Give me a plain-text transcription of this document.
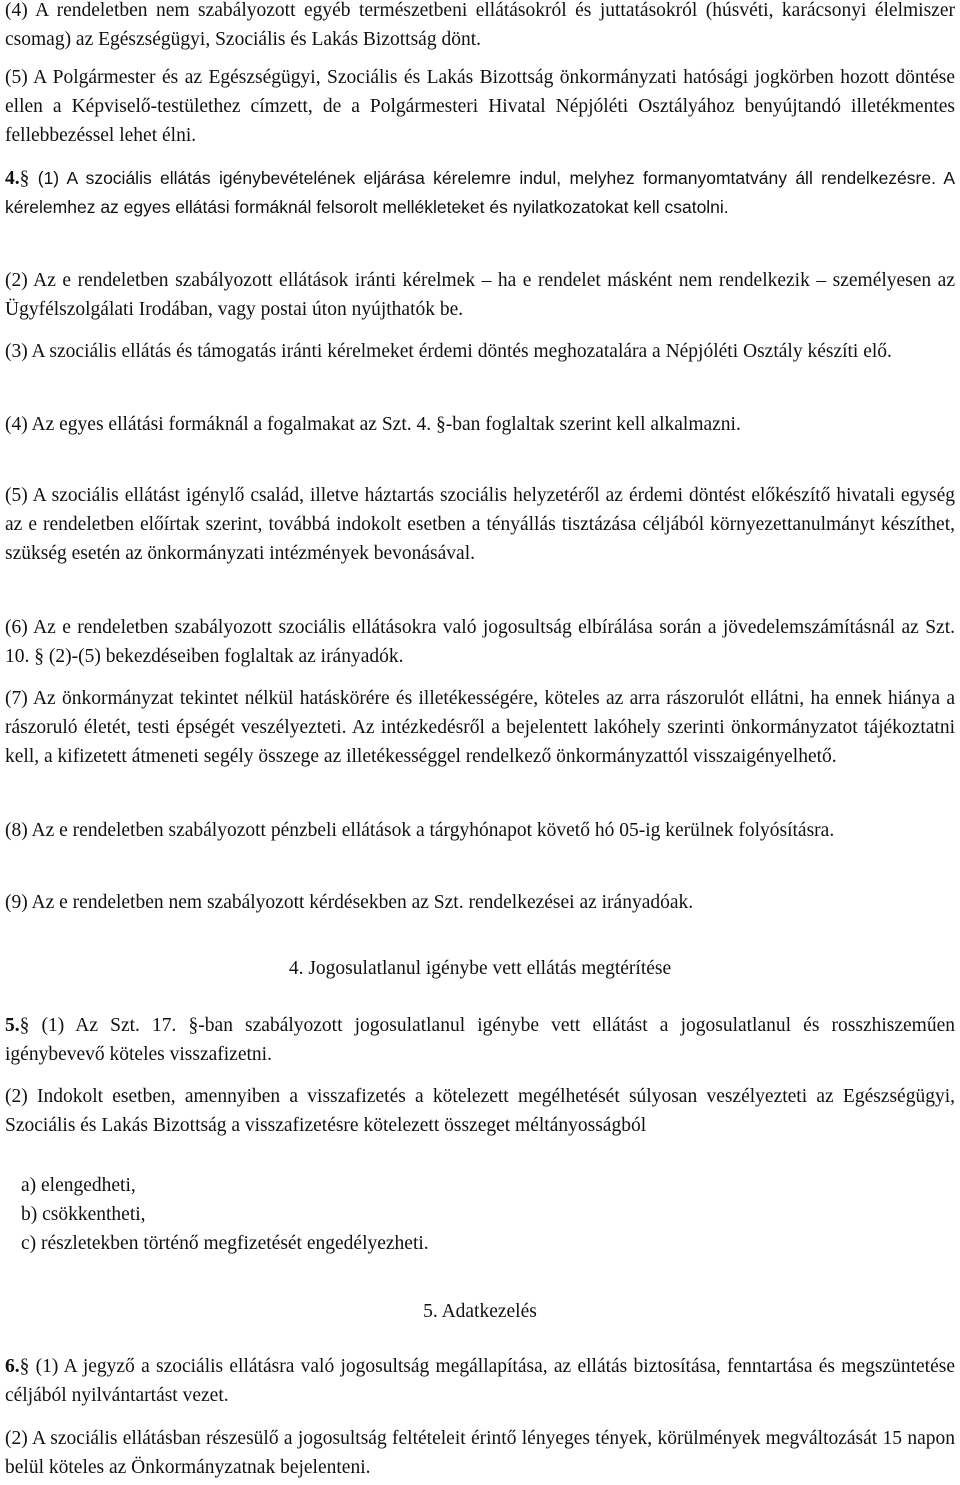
(4) A rendeletben nem szabályozott egyéb természetbeni ellátásokról és juttatásokról (húsvéti, karácsonyi élelmiszer csomag) az Egészségügyi, Szociális és Lakás Bizottság dönt.

(5) A Polgármester és az Egészségügyi, Szociális és Lakás Bizottság önkormányzati hatósági jogkörben hozott döntése ellen a Képviselő-testülethez címzett, de a Polgármesteri Hivatal Népjóléti Osztályához benyújtandó illetékmentes fellebbezéssel lehet élni.

4.§ (1) A szociális ellátás igénybevételének eljárása kérelemre indul, melyhez formanyomtatvány áll rendelkezésre. A kérelemhez az egyes ellátási formáknál felsorolt mellékleteket és nyilatkozatokat kell csatolni.

(2) Az e rendeletben szabályozott ellátások iránti kérelmek – ha e rendelet másként nem rendelkezik – személyesen az Ügyfélszolgálati Irodában, vagy postai úton nyújthatók be.

(3) A szociális ellátás és támogatás iránti kérelmeket érdemi döntés meghozatalára a Népjóléti Osztály készíti elő.

(4) Az egyes ellátási formáknál a fogalmakat az Szt. 4. §-ban foglaltak szerint kell alkalmazni.

(5) A szociális ellátást igénylő család, illetve háztartás szociális helyzetéről az érdemi döntést előkészítő hivatali egység az e rendeletben előírtak szerint, továbbá indokolt esetben a tényállás tisztázása céljából környezettanulmányt készíthet, szükség esetén az önkormányzati intézmények bevonásával.

(6) Az e rendeletben szabályozott szociális ellátásokra való jogosultság elbírálása során a jövedelemszámításnál az Szt. 10. § (2)-(5) bekezdéseiben foglaltak az irányadók.

(7) Az önkormányzat tekintet nélkül hatáskörére és illetékességére, köteles az arra rászorulót ellátni, ha ennek hiánya a rászoruló életét, testi épségét veszélyezteti. Az intézkedésről a bejelentett lakóhely szerinti önkormányzatot tájékoztatni kell, a kifizetett átmeneti segély összege az illetékességgel rendelkező önkormányzattól visszaigényelhető.

(8) Az e rendeletben szabályozott pénzbeli ellátások a tárgyhónapot követő hó 05-ig kerülnek folyósításra.

(9) Az e rendeletben nem szabályozott kérdésekben az Szt. rendelkezései az irányadóak.

4. Jogosulatlanul igénybe vett ellátás megtérítése

5.§ (1) Az Szt. 17. §-ban szabályozott jogosulatlanul igénybe vett ellátást a jogosulatlanul és rosszhiszeműen igénybevevő köteles visszafizetni.

(2) Indokolt esetben, amennyiben a visszafizetés a kötelezett megélhetését súlyosan veszélyezteti az Egészségügyi, Szociális és Lakás Bizottság a visszafizetésre kötelezett összeget méltányosságból

a) elengedheti,

b) csökkentheti,

c) részletekben történő megfizetését engedélyezheti.

5. Adatkezelés

6.§ (1) A jegyző a szociális ellátásra való jogosultság megállapítása, az ellátás biztosítása, fenntartása és megszüntetése céljából nyilvántartást vezet.

(2) A szociális ellátásban részesülő a jogosultság feltételeit érintő lényeges tények, körülmények megváltozását 15 napon belül köteles az Önkormányzatnak bejelenteni.
